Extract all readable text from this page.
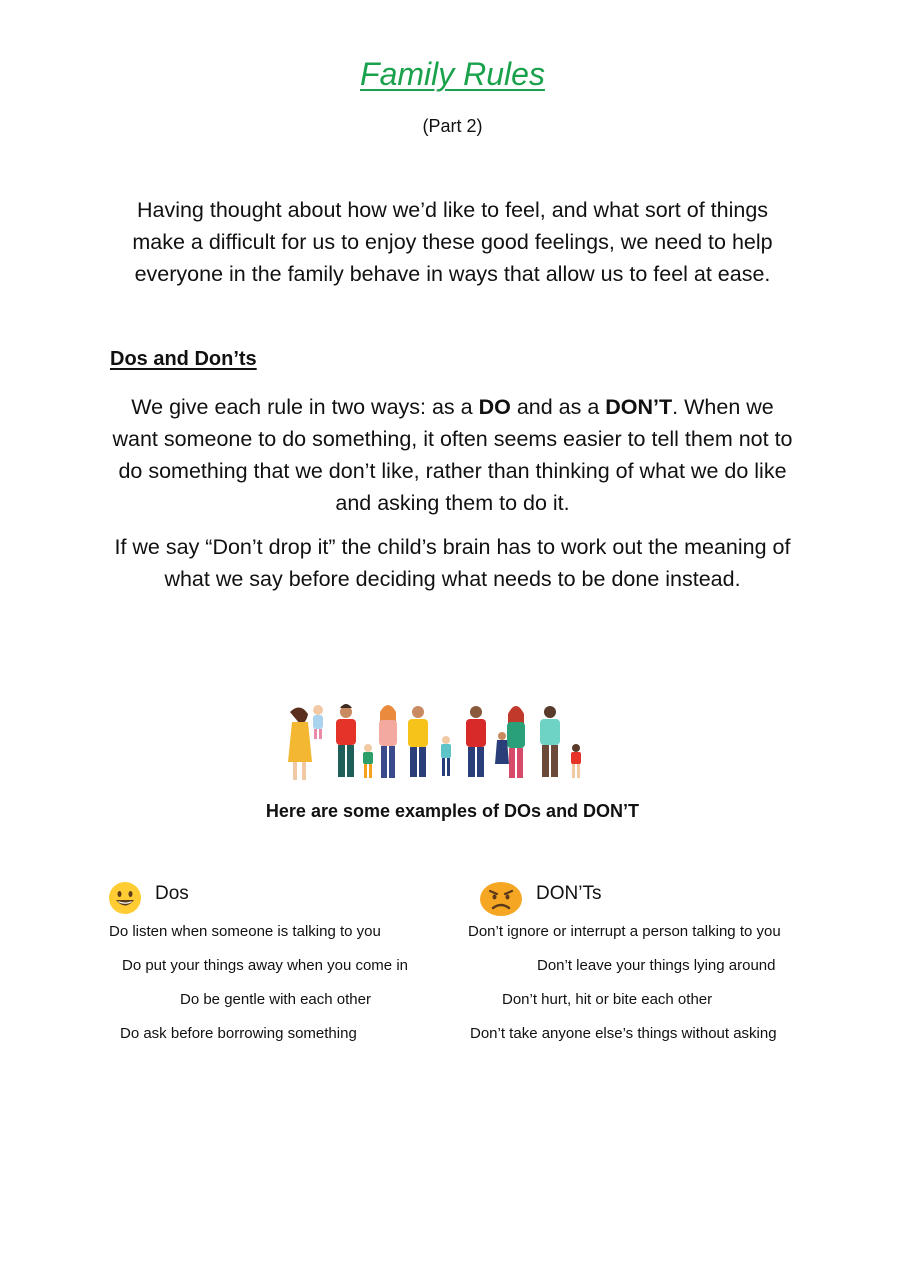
Family Rules
(Part 2)
Having thought about how we’d like to feel, and what sort of things make a difficult for us to enjoy these good feelings, we need to help everyone in the family behave in ways that allow us to feel at ease.
Dos and Don’ts
We give each rule in two ways: as a DO and as a DON’T. When we want someone to do something, it often seems easier to tell them not to do something that we don’t like, rather than thinking of what we do like and asking them to do it.
If we say “Don’t drop it” the child’s brain has to work out the meaning of what we say before deciding what needs to be done instead.
Here are some examples of DOs and DON’T
Dos
Do listen when someone is talking to you
Do put your things away when you come in
Do be gentle with each other
Do ask before borrowing something
DON’Ts
Don’t ignore or interrupt a person talking to you
Don’t leave your things lying around
Don’t hurt, hit or bite each other
Don’t take anyone else’s things without asking
